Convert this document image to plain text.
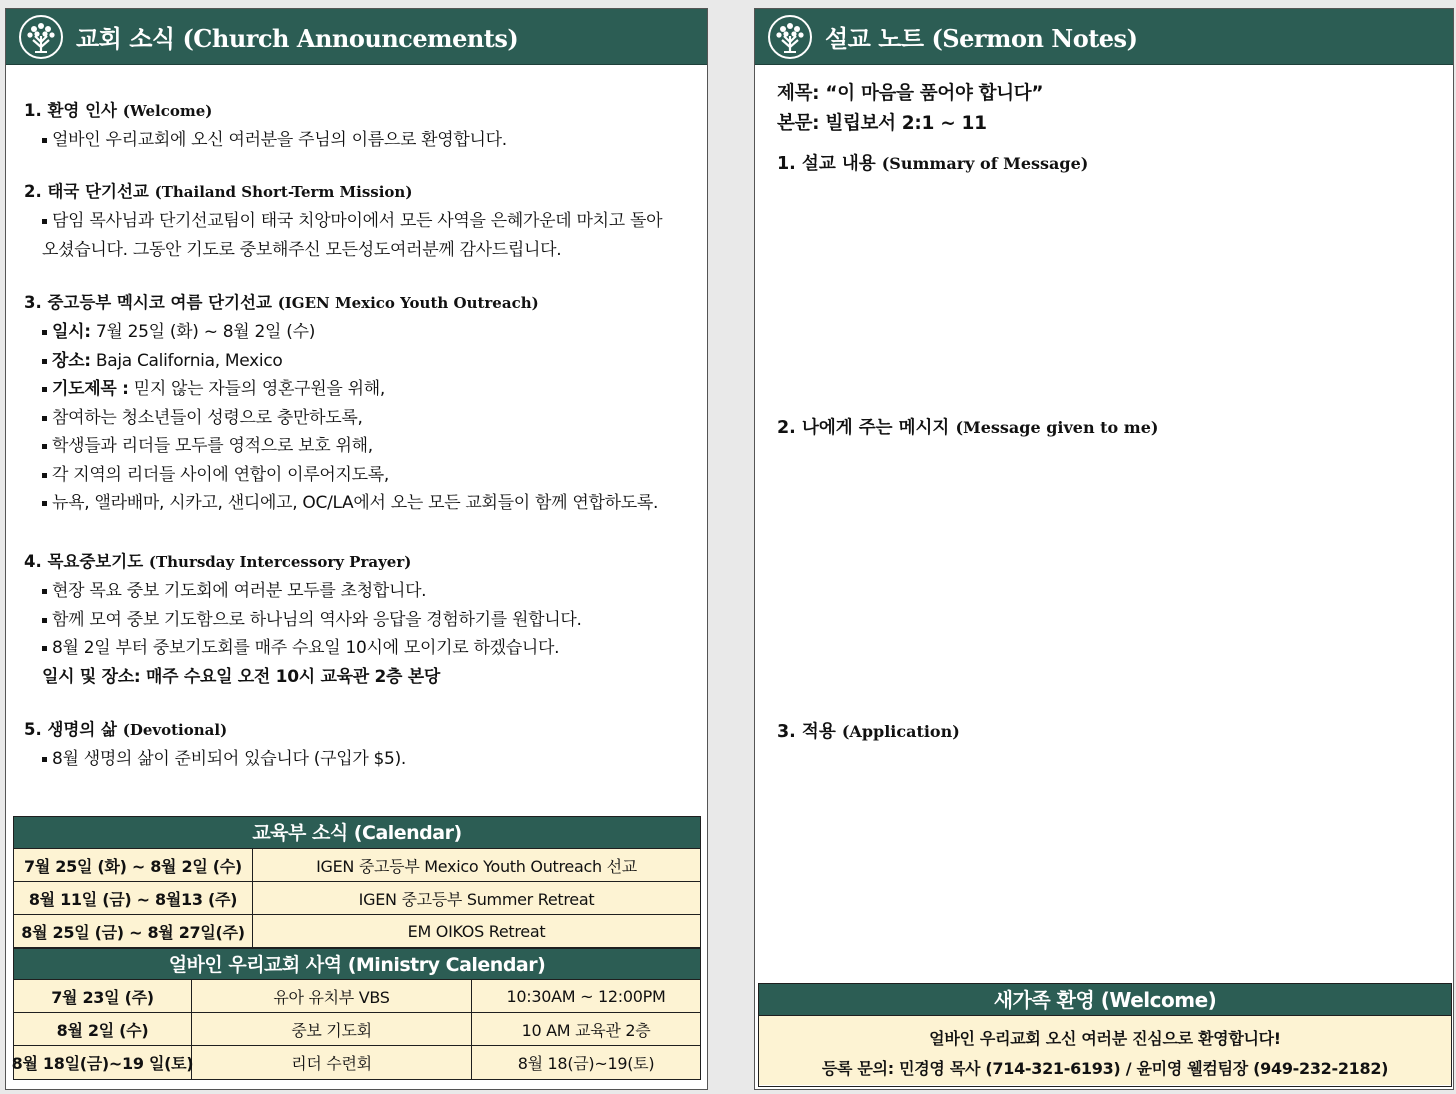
교회 소식 (Church Announcements)
1. 환영 인사 (Welcome)
얼바인 우리교회에 오신 여러분을 주님의 이름으로 환영합니다.
2. 태국 단기선교 (Thailand Short-Term Mission)
담임 목사님과 단기선교팀이 태국 치앙마이에서 모든 사역을 은혜가운데 마치고 돌아오셨습니다. 그동안 기도로 중보해주신 모든성도여러분께 감사드립니다.
3. 중고등부 멕시코 여름 단기선교 (IGEN Mexico Youth Outreach)
일시: 7월 25일 (화) ~ 8월 2일 (수)
장소: Baja California, Mexico
기도제목 : 믿지 않는 자들의 영혼구원을 위해,
참여하는 청소년들이 성령으로 충만하도록,
학생들과 리더들 모두를 영적으로 보호 위해,
각 지역의 리더들 사이에 연합이 이루어지도록,
뉴욕, 앨라배마, 시카고, 샌디에고, OC/LA에서 오는 모든 교회들이 함께 연합하도록.
4. 목요중보기도 (Thursday Intercessory Prayer)
현장 목요 중보 기도회에 여러분 모두를 초청합니다.
함께 모여 중보 기도함으로 하나님의 역사와 응답을 경험하기를 원합니다.
8월 2일 부터 중보기도회를 매주 수요일 10시에 모이기로 하겠습니다.
일시 및 장소: 매주 수요일 오전 10시 교육관 2층 본당
5. 생명의 삶 (Devotional)
8월 생명의 삶이 준비되어 있습니다 (구입가 $5).
교육부 소식 (Calendar)
7월 25일 (화) ~ 8월 2일 (수)	IGEN 중고등부 Mexico Youth Outreach 선교
8월 11일 (금) ~ 8월13 (주)	IGEN 중고등부 Summer Retreat
8월 25일 (금) ~ 8월 27일(주)	EM OIKOS Retreat
얼바인 우리교회 사역 (Ministry Calendar)
7월 23일 (주)	유아 유치부 VBS	10:30AM ~ 12:00PM
8월 2일 (수)	중보 기도회	10 AM 교육관 2층
8월 18일(금)~19 일(토)	리더 수련회	8월 18(금)~19(토)
설교 노트 (Sermon Notes)
제목: “이 마음을 품어야 합니다”
본문: 빌립보서 2:1 ~ 11
1. 설교 내용 (Summary of Message)
2. 나에게 주는 메시지 (Message given to me)
3. 적용 (Application)
새가족 환영 (Welcome)
얼바인 우리교회 오신 여러분 진심으로 환영합니다!
등록 문의: 민경영 목사 (714-321-6193) / 윤미영 웰컴팀장 (949-232-2182)
